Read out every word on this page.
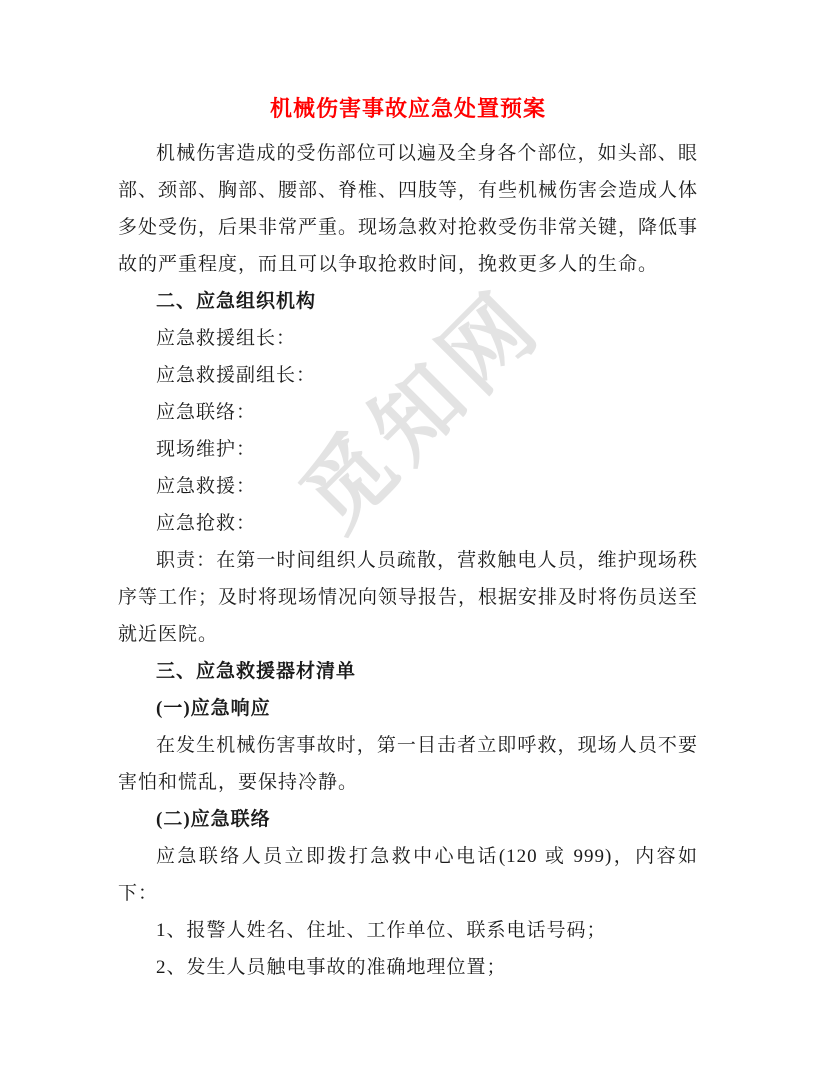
觅知网
机械伤害事故应急处置预案

机械伤害造成的受伤部位可以遍及全身各个部位，如头部、眼部、颈部、胸部、腰部、脊椎、四肢等，有些机械伤害会造成人体多处受伤，后果非常严重。现场急救对抢救受伤非常关键，降低事故的严重程度，而且可以争取抢救时间，挽救更多人的生命。

二、应急组织机构

应急救援组长：

应急救援副组长：

应急联络：

现场维护：

应急救援：

应急抢救：

职责：在第一时间组织人员疏散，营救触电人员，维护现场秩序等工作；及时将现场情况向领导报告，根据安排及时将伤员送至就近医院。

三、应急救援器材清单

(一)应急响应

在发生机械伤害事故时，第一目击者立即呼救，现场人员不要害怕和慌乱，要保持冷静。

(二)应急联络

应急联络人员立即拨打急救中心电话(120 或 999)，内容如下：

1、报警人姓名、住址、工作单位、联系电话号码；

2、发生人员触电事故的准确地理位置；
